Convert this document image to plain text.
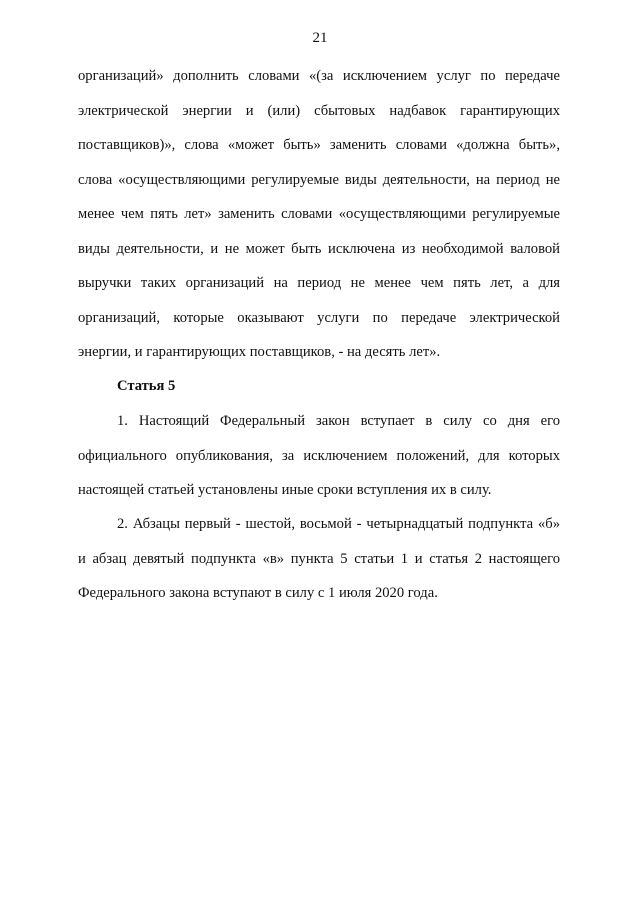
21
организаций» дополнить словами «(за исключением услуг по передаче
электрической энергии и (или) сбытовых надбавок гарантирующих
поставщиков)», слова «может быть» заменить словами «должна быть»,
слова «осуществляющими регулируемые виды деятельности, на период не
менее чем пять лет» заменить словами «осуществляющими регулируемые
виды деятельности, и не может быть исключена из необходимой валовой
выручки таких организаций на период не менее чем пять лет, а для
организаций, которые оказывают услуги по передаче электрической
энергии, и гарантирующих поставщиков, - на десять лет».
Статья 5
1. Настоящий Федеральный закон вступает в силу со дня его
официального опубликования, за исключением положений, для которых
настоящей статьей установлены иные сроки вступления их в силу.
2. Абзацы первый - шестой, восьмой - четырнадцатый подпункта «б»
и абзац девятый подпункта «в» пункта 5 статьи 1 и статья 2 настоящего
Федерального закона вступают в силу с 1 июля 2020 года.
